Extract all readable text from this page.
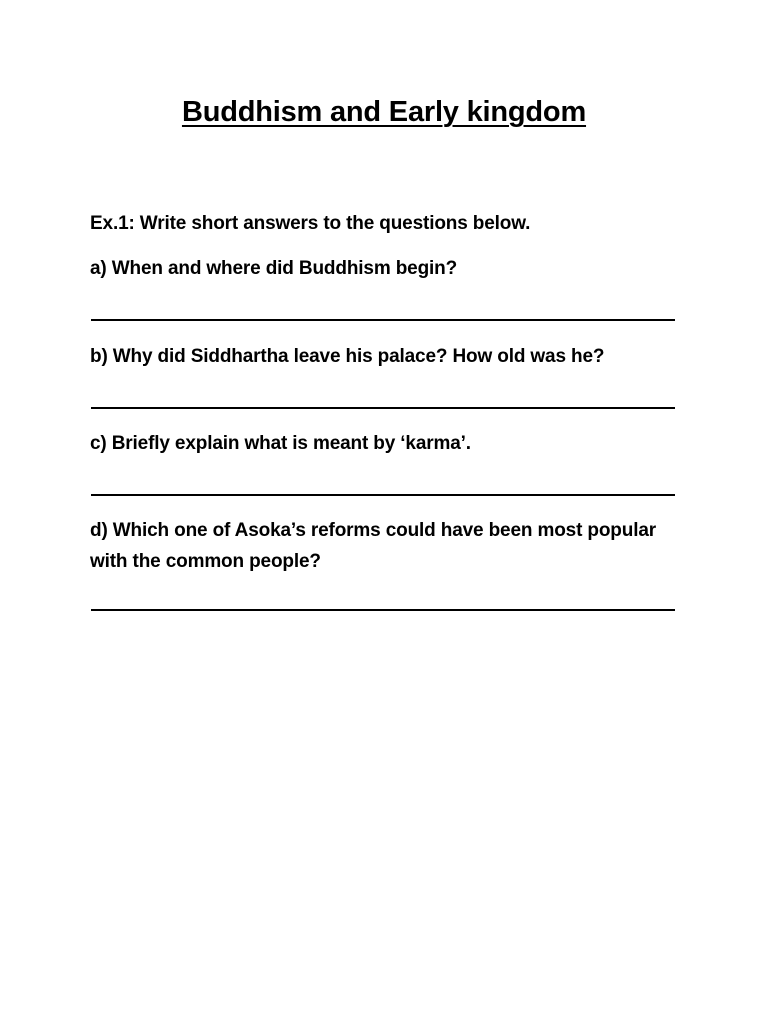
Buddhism and Early kingdom
Ex.1: Write short answers to the questions below.
a) When and where did Buddhism begin?
b) Why did Siddhartha leave his palace? How old was he?
c) Briefly explain what is meant by ‘karma’.
d) Which one of Asoka’s reforms could have been most popular with the common people?
